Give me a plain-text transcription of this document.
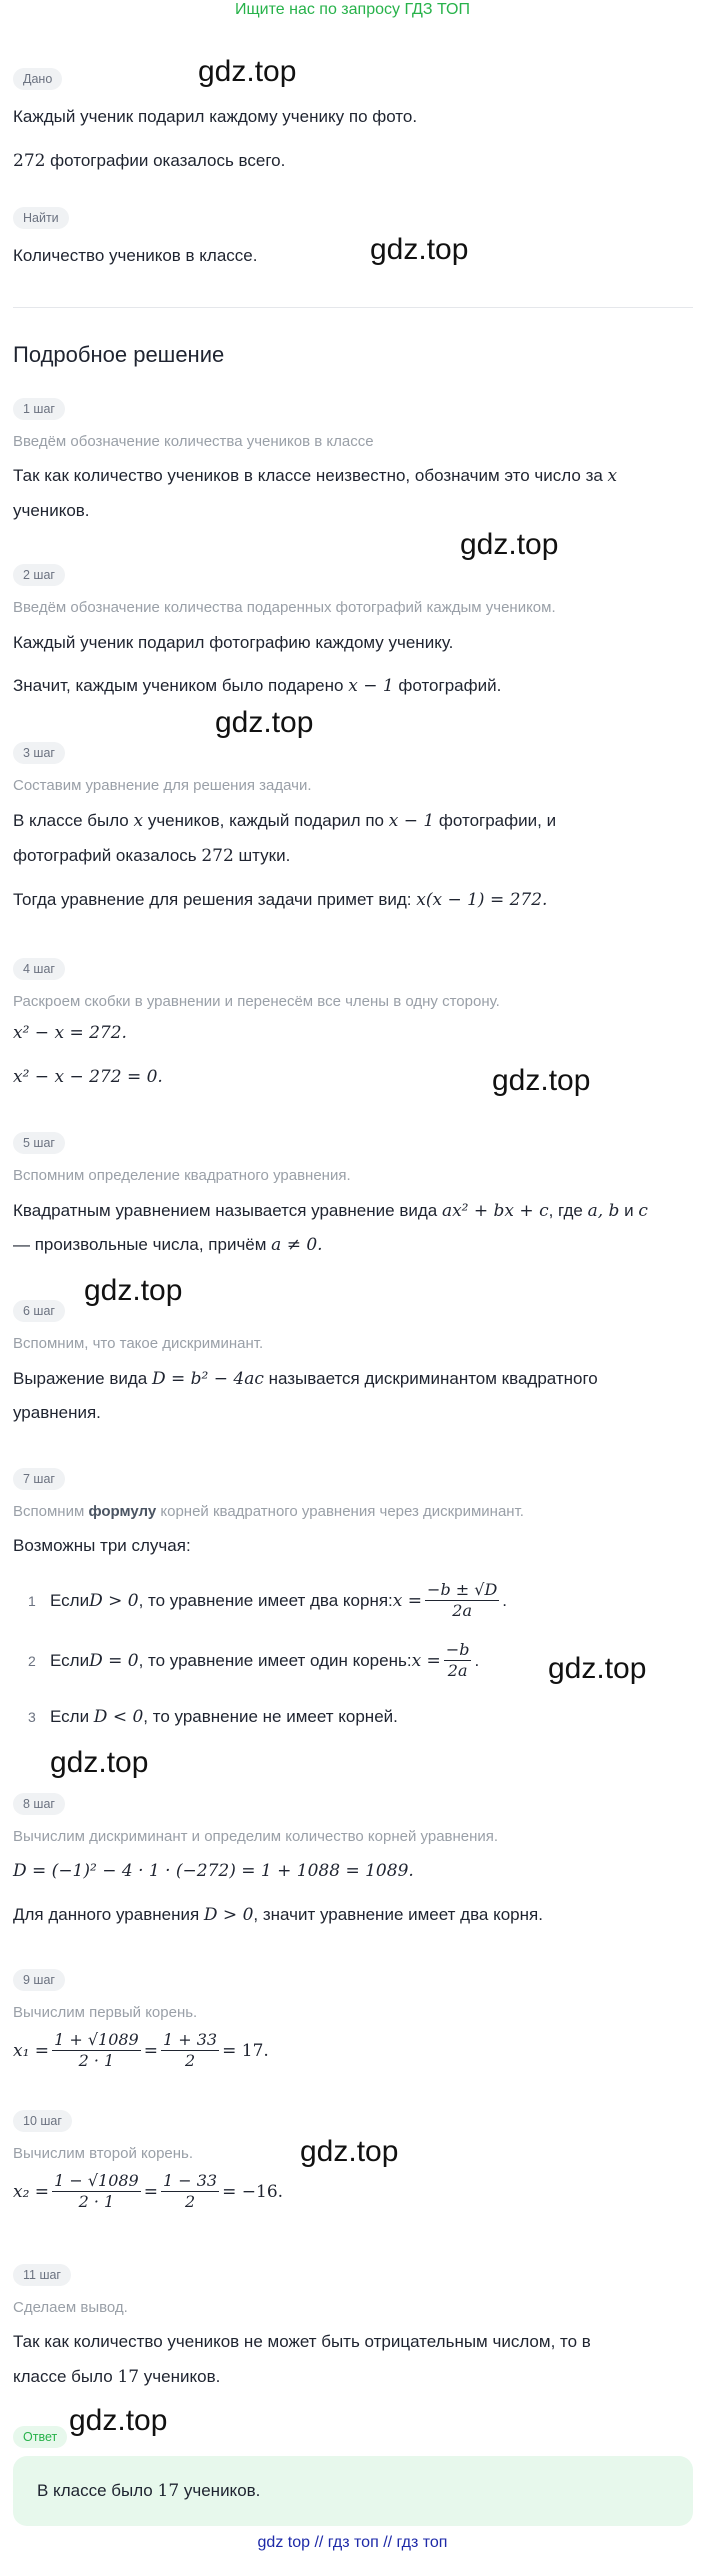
Ищите нас по запросу ГДЗ ТОП
Дано	gdz.top
Каждый ученик подарил каждому ученику по фото.
272 фотографии оказалось всего.
Найти
Количество учеников в классе.	gdz.top
Подробное решение
1 шаг
Введём обозначение количества учеников в классе
Так как количество учеников в классе неизвестно, обозначим это число за x
учеников.
gdz.top
2 шаг
Введём обозначение количества подаренных фотографий каждым учеником.
Каждый ученик подарил фотографию каждому ученику.
Значит, каждым учеником было подарено x − 1 фотографий.
gdz.top
3 шаг
Составим уравнение для решения задачи.
В классе было x учеников, каждый подарил по x − 1 фотографии, и
фотографий оказалось 272 штуки.
Тогда уравнение для решения задачи примет вид: x(x − 1) = 272.
4 шаг
Раскроем скобки в уравнении и перенесём все члены в одну сторону.
x² − x = 272.
x² − x − 272 = 0.	gdz.top
5 шаг
Вспомним определение квадратного уравнения.
Квадратным уравнением называется уравнение вида ax² + bx + c, где a, b и c
— произвольные числа, причём a ≠ 0.
gdz.top
6 шаг
Вспомним, что такое дискриминант.
Выражение вида D = b² − 4ac называется дискриминантом квадратного
уравнения.
7 шаг
Вспомним формулу корней квадратного уравнения через дискриминант.
Возможны три случая:
1 Если D > 0 , то уравнение имеет два корня: $x = \frac{-b \pm √D}{2a}$ .
2 Если D = 0 , то уравнение имеет один корень: $x = \frac{-b}{2a}$ . gdz.top
3 Если D < 0, то уравнение не имеет корней.
gdz.top
8 шаг
Вычислим дискриминант и определим количество корней уравнения.
D = (−1)² − 4 · 1 · (−272) = 1 + 1088 = 1089.
Для данного уравнения D > 0, значит уравнение имеет два корня.
9 шаг
Вычислим первый корень.
$x_1 = \frac{1 + √1089}{2 \cdot 1} = \frac{1 + 33}{2} = 17$.
10 шаг
gdz.top
Вычислим второй корень.
$x_2 = \frac{1 - √1089}{2 \cdot 1} = \frac{1 - 33}{2} = -16$.
11 шаг
Сделаем вывод.
Так как количество учеников не может быть отрицательным числом, то в
классе было 17 учеников.
Ответ gdz.top
В классе было 17 учеников.
gdz top // гдз топ // гдз топ
